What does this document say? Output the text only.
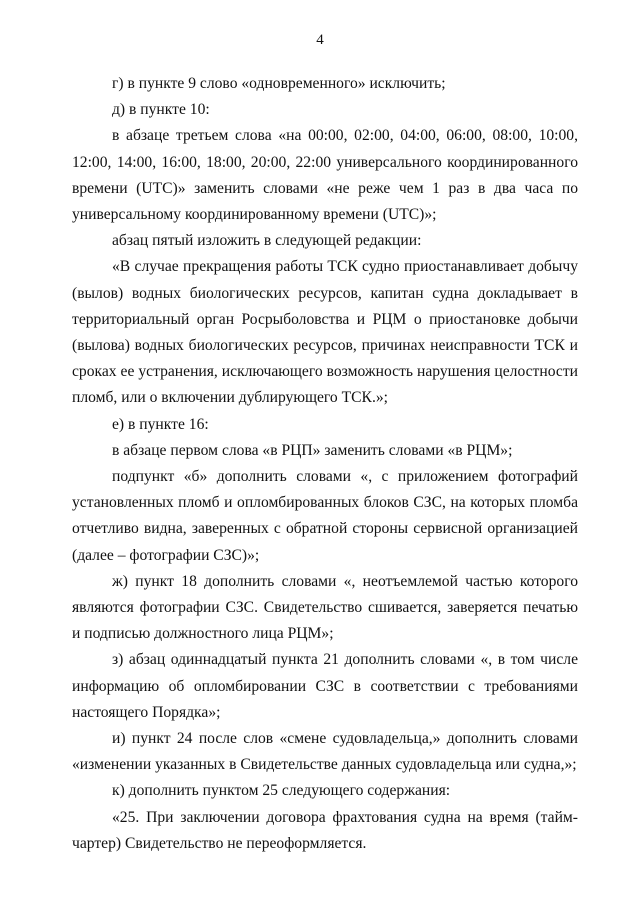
4

г) в пункте 9 слово «одновременного» исключить;

д) в пункте 10:

в абзаце третьем слова «на 00:00, 02:00, 04:00, 06:00, 08:00, 10:00, 12:00, 14:00, 16:00, 18:00, 20:00, 22:00 универсального координированного времени (UTC)» заменить словами «не реже чем 1 раз в два часа по универсальному координированному времени (UTC)»;

абзац пятый изложить в следующей редакции:

«В случае прекращения работы ТСК судно приостанавливает добычу (вылов) водных биологических ресурсов, капитан судна докладывает в территориальный орган Росрыболовства и РЦМ о приостановке добычи (вылова) водных биологических ресурсов, причинах неисправности ТСК и сроках ее устранения, исключающего возможность нарушения целостности пломб, или о включении дублирующего ТСК.»;

е) в пункте 16:

в абзаце первом слова «в РЦП» заменить словами «в РЦМ»;

подпункт «б» дополнить словами «, с приложением фотографий установленных пломб и опломбированных блоков СЗС, на которых пломба отчетливо видна, заверенных с обратной стороны сервисной организацией (далее – фотографии СЗС)»;

ж) пункт 18 дополнить словами «, неотъемлемой частью которого являются фотографии СЗС. Свидетельство сшивается, заверяется печатью и подписью должностного лица РЦМ»;

з) абзац одиннадцатый пункта 21 дополнить словами «, в том числе информацию об опломбировании СЗС в соответствии с требованиями настоящего Порядка»;

и) пункт 24 после слов «смене судовладельца,» дополнить словами «изменении указанных в Свидетельстве данных судовладельца или судна,»;

к) дополнить пунктом 25 следующего содержания:

«25. При заключении договора фрахтования судна на время (тайм-чартер) Свидетельство не переоформляется.
